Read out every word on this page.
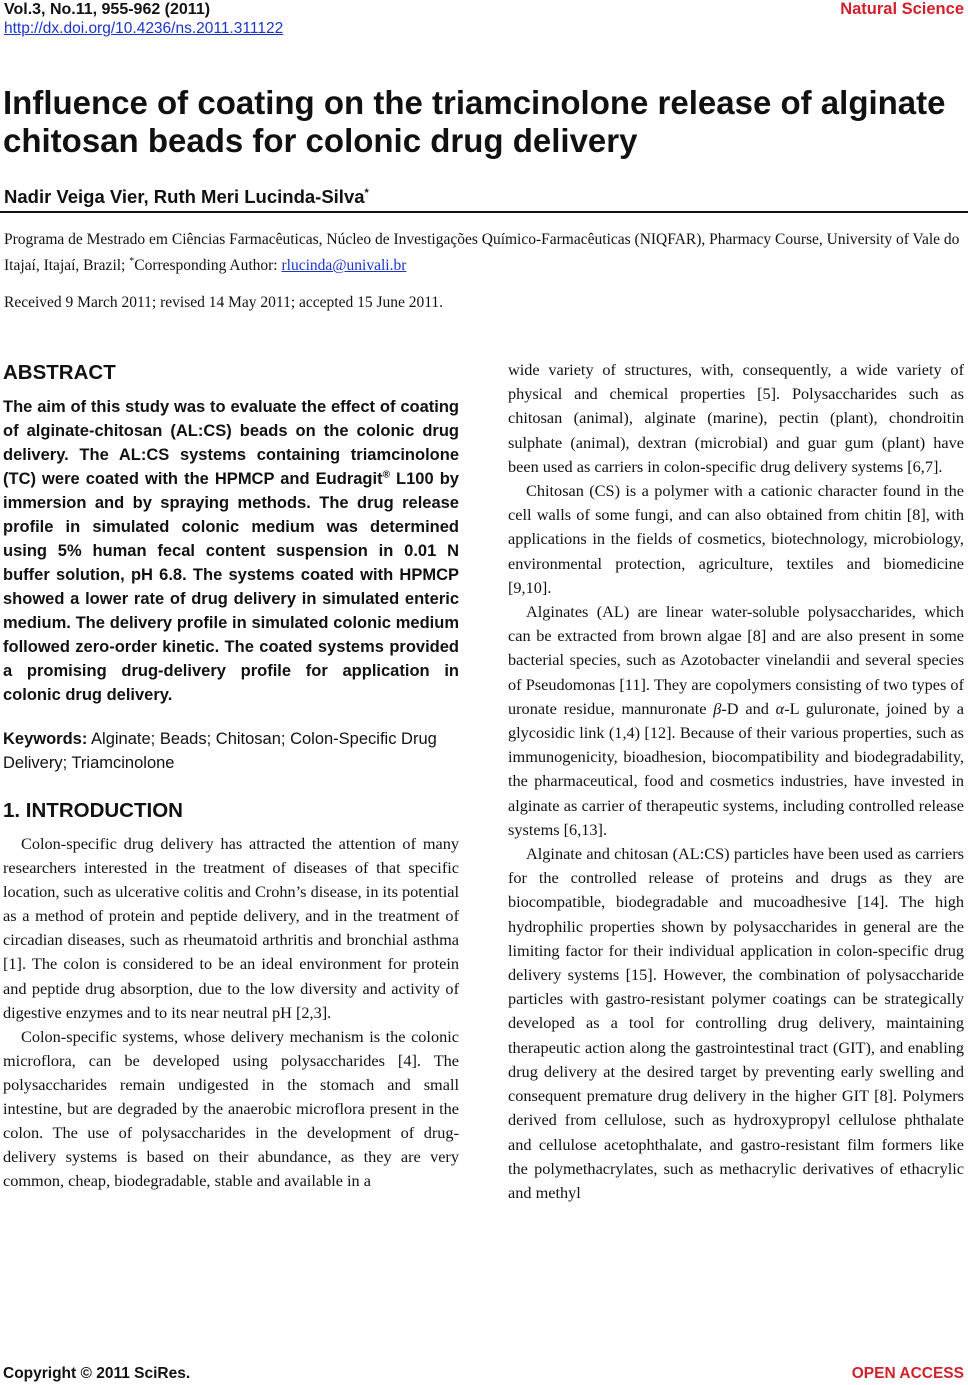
Vol.3, No.11, 955-962 (2011)
http://dx.doi.org/10.4236/ns.2011.311122
Natural Science
Influence of coating on the triamcinolone release of alginate chitosan beads for colonic drug delivery
Nadir Veiga Vier, Ruth Meri Lucinda-Silva*
Programa de Mestrado em Ciências Farmacêuticas, Núcleo de Investigações Químico-Farmacêuticas (NIQFAR), Pharmacy Course, University of Vale do Itajaí, Itajaí, Brazil; *Corresponding Author: rlucinda@univali.br
Received 9 March 2011; revised 14 May 2011; accepted 15 June 2011.
ABSTRACT

The aim of this study was to evaluate the effect of coating of alginate-chitosan (AL:CS) beads on the colonic drug delivery. The AL:CS systems containing triamcinolone (TC) were coated with the HPMCP and Eudragit® L100 by immersion and by spraying methods. The drug release profile in simulated colonic medium was determined using 5% human fecal content suspension in 0.01 N buffer solution, pH 6.8. The systems coated with HPMCP showed a lower rate of drug delivery in simulated enteric medium. The delivery profile in simulated colonic medium followed zero-order kinetic. The coated systems provided a promising drug-delivery profile for application in colonic drug delivery.

Keywords: Alginate; Beads; Chitosan; Colon-Specific Drug Delivery; Triamcinolone

1. INTRODUCTION

Colon-specific drug delivery has attracted the attention of many researchers interested in the treatment of diseases of that specific location, such as ulcerative colitis and Crohn’s disease, in its potential as a method of protein and peptide delivery, and in the treatment of circadian diseases, such as rheumatoid arthritis and bronchial asthma [1]. The colon is considered to be an ideal environment for protein and peptide drug absorption, due to the low diversity and activity of digestive enzymes and to its near neutral pH [2,3].

Colon-specific systems, whose delivery mechanism is the colonic microflora, can be developed using polysaccharides [4]. The polysaccharides remain undigested in the stomach and small intestine, but are degraded by the anaerobic microflora present in the colon. The use of polysaccharides in the development of drug-delivery systems is based on their abundance, as they are very common, cheap, biodegradable, stable and available in a

wide variety of structures, with, consequently, a wide variety of physical and chemical properties [5]. Polysaccharides such as chitosan (animal), alginate (marine), pectin (plant), chondroitin sulphate (animal), dextran (microbial) and guar gum (plant) have been used as carriers in colon-specific drug delivery systems [6,7].

Chitosan (CS) is a polymer with a cationic character found in the cell walls of some fungi, and can also obtained from chitin [8], with applications in the fields of cosmetics, biotechnology, microbiology, environmental protection, agriculture, textiles and biomedicine [9,10].

Alginates (AL) are linear water-soluble polysaccharides, which can be extracted from brown algae [8] and are also present in some bacterial species, such as Azotobacter vinelandii and several species of Pseudomonas [11]. They are copolymers consisting of two types of uronate residue, mannuronate β-D and α-L guluronate, joined by a glycosidic link (1,4) [12]. Because of their various properties, such as immunogenicity, bioadhesion, biocompatibility and biodegradability, the pharmaceutical, food and cosmetics industries, have invested in alginate as carrier of therapeutic systems, including controlled release systems [6,13].

Alginate and chitosan (AL:CS) particles have been used as carriers for the controlled release of proteins and drugs as they are biocompatible, biodegradable and mucoadhesive [14]. The high hydrophilic properties shown by polysaccharides in general are the limiting factor for their individual application in colon-specific drug delivery systems [15]. However, the combination of polysaccharide particles with gastro-resistant polymer coatings can be strategically developed as a tool for controlling drug delivery, maintaining therapeutic action along the gastrointestinal tract (GIT), and enabling drug delivery at the desired target by preventing early swelling and consequent premature drug delivery in the higher GIT [8]. Polymers derived from cellulose, such as hydroxypropyl cellulose phthalate and cellulose acetophthalate, and gastro-resistant film formers like the polymethacrylates, such as methacrylic derivatives of ethacrylic and methyl

Copyright © 2011 SciRes.	OPEN ACCESS
